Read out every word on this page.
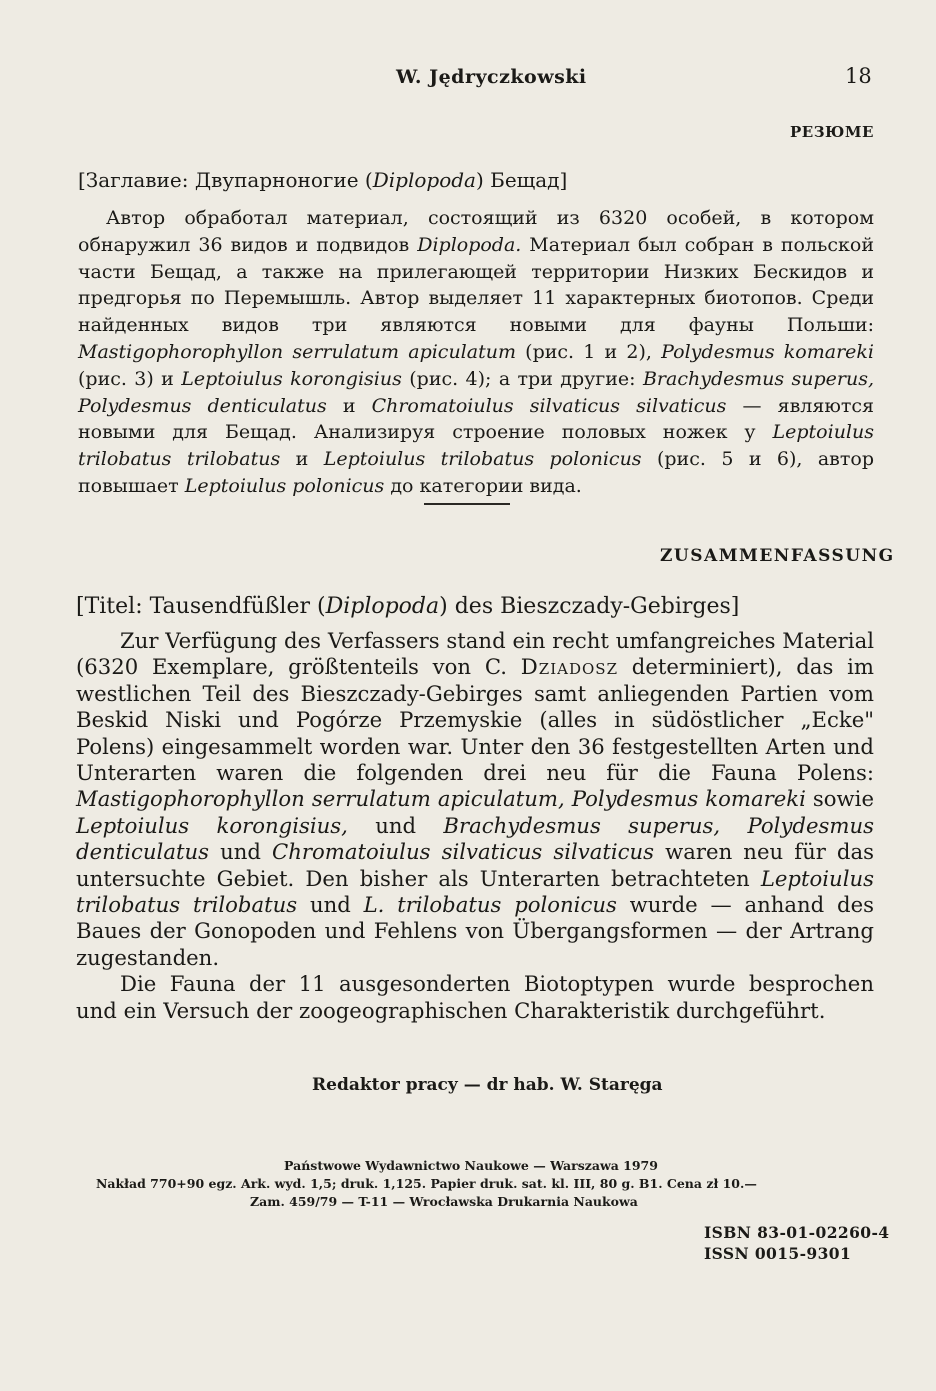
W. Jędryczkowski	18
РЕЗЮМЕ
[Заглавие: Двупарноногие (Diplopoda) Бещад]

Автор обработал материал, состоящий из 6320 особей, в котором обнаружил 36 видов и подвидов Diplopoda. Материал был собран в польской части Бещад, а также на прилегающей территории Низких Бескидов и предгорья по Перемышль. Автор выделяет 11 характерных биотопов. Среди найденных видов три являются новыми для фауны Польши: Mastigophorophyllon serrulatum apiculatum (рис. 1 и 2), Polydesmus komareki (рис. 3) и Leptoiulus korongisius (рис. 4); а три другие: Brachydesmus superus, Polydesmus denticulatus и Chromatoiulus silvaticus silvaticus — являются новыми для Бещад. Анализируя строение половых ножек у Leptoiulus trilobatus trilobatus и Leptoiulus trilobatus polonicus (рис. 5 и 6), автор повышает Leptoiulus polonicus до категории вида.

ZUSAMMENFASSUNG
[Titel: Tausendfüßler (Diplopoda) des Bieszczady-Gebirges]

Zur Verfügung des Verfassers stand ein recht umfangreiches Material (6320 Exemplare, größtenteils von C. Dziadosz determiniert), das im westlichen Teil des Bieszczady-Gebirges samt anliegenden Partien vom Beskid Niski und Pogórze Przemyskie (alles in südöstlicher „Ecke" Polens) eingesammelt worden war. Unter den 36 festgestellten Arten und Unterarten waren die folgenden drei neu für die Fauna Polens: Mastigophorophyllon serrulatum apiculatum, Polydesmus komareki sowie Leptoiulus korongisius, und Brachydesmus superus, Polydesmus denticulatus und Chromatoiulus silvaticus silvaticus waren neu für das untersuchte Gebiet. Den bisher als Unterarten betrachteten Leptoiulus trilobatus trilobatus und L. trilobatus polonicus wurde — anhand des Baues der Gonopoden und Fehlens von Übergangsformen — der Artrang zugestanden.

Die Fauna der 11 ausgesonderten Biotoptypen wurde besprochen und ein Versuch der zoogeographischen Charakteristik durchgeführt.

Redaktor pracy — dr hab. W. Staręga
Państwowe Wydawnictwo Naukowe — Warszawa 1979
Nakład 770+90 egz. Ark. wyd. 1,5; druk. 1,125. Papier druk. sat. kl. III, 80 g. B1. Cena zł 10.—
Zam. 459/79 — T-11 — Wrocławska Drukarnia Naukowa
ISBN 83-01-02260-4
ISSN 0015-9301
